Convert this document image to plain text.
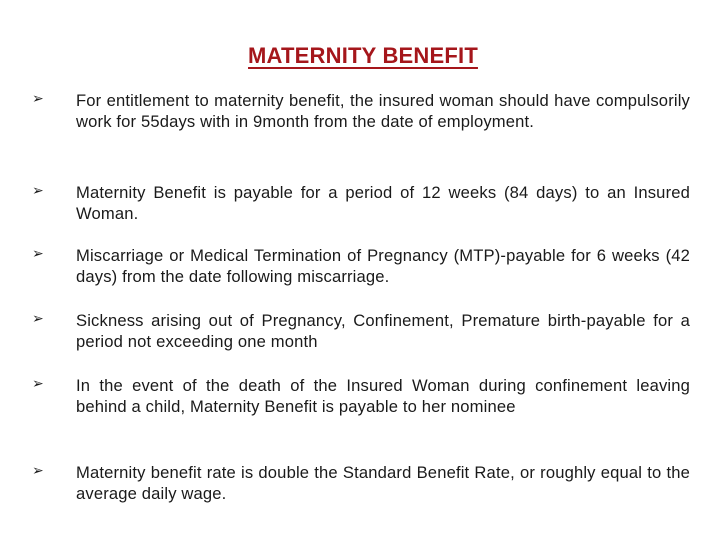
MATERNITY BENEFIT
➢ For entitlement to maternity benefit, the insured woman should have compulsorily work for 55days with in 9month from the date of employment.
➢ Maternity Benefit is payable for a period of 12 weeks (84 days) to an Insured Woman.
➢ Miscarriage or Medical Termination of Pregnancy (MTP)-payable for 6 weeks (42 days) from the date following miscarriage.
➢ Sickness arising out of Pregnancy, Confinement, Premature birth-payable for a period not exceeding one month
➢ In the event of the death of the Insured Woman during confinement leaving behind a child, Maternity Benefit is payable to her nominee
➢ Maternity benefit rate is double the Standard Benefit Rate, or roughly equal to the average daily wage.
